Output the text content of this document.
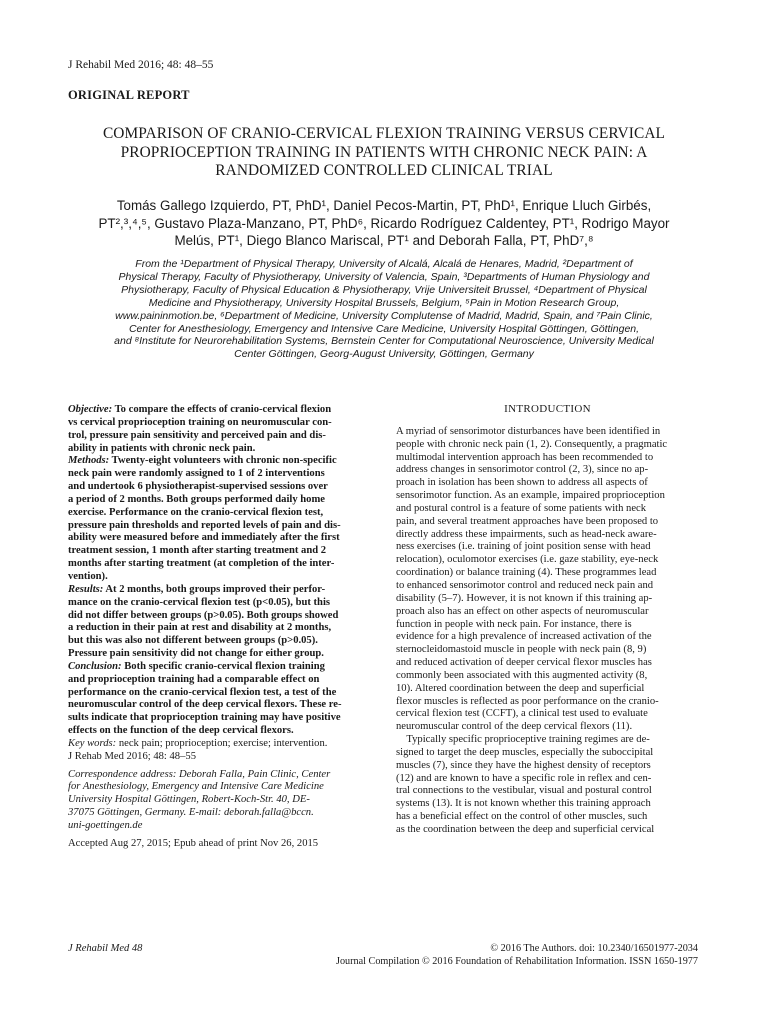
J Rehabil Med 2016; 48: 48–55
ORIGINAL REPORT
COMPARISON OF CRANIO-CERVICAL FLEXION TRAINING VERSUS CERVICAL PROPRIOCEPTION TRAINING IN PATIENTS WITH CHRONIC NECK PAIN: A RANDOMIZED CONTROLLED CLINICAL TRIAL
Tomás Gallego Izquierdo, PT, PhD¹, Daniel Pecos-Martin, PT, PhD¹, Enrique Lluch Girbés,
PT²,³,⁴,⁵, Gustavo Plaza-Manzano, PT, PhD⁶, Ricardo Rodríguez Caldentey, PT¹, Rodrigo Mayor
Melús, PT¹, Diego Blanco Mariscal, PT¹ and Deborah Falla, PT, PhD⁷,⁸
From the ¹Department of Physical Therapy, University of Alcalá, Alcalá de Henares, Madrid, ²Department of
Physical Therapy, Faculty of Physiotherapy, University of Valencia, Spain, ³Departments of Human Physiology and
Physiotherapy, Faculty of Physical Education & Physiotherapy, Vrije Universiteit Brussel, ⁴Department of Physical
Medicine and Physiotherapy, University Hospital Brussels, Belgium, ⁵Pain in Motion Research Group,
www.paininmotion.be, ⁶Department of Medicine, University Complutense of Madrid, Madrid, Spain, and ⁷Pain Clinic,
Center for Anesthesiology, Emergency and Intensive Care Medicine, University Hospital Göttingen, Göttingen,
and ⁸Institute for Neurorehabilitation Systems, Bernstein Center for Computational Neuroscience, University Medical
Center Göttingen, Georg-August University, Göttingen, Germany
Objective: To compare the effects of cranio-cervical flexion
vs cervical proprioception training on neuromuscular con-
trol, pressure pain sensitivity and perceived pain and dis-
ability in patients with chronic neck pain.
Methods: Twenty-eight volunteers with chronic non-specific
neck pain were randomly assigned to 1 of 2 interventions
and undertook 6 physiotherapist-supervised sessions over
a period of 2 months. Both groups performed daily home
exercise. Performance on the cranio-cervical flexion test,
pressure pain thresholds and reported levels of pain and dis-
ability were measured before and immediately after the first
treatment session, 1 month after starting treatment and 2
months after starting treatment (at completion of the inter-
vention).
Results: At 2 months, both groups improved their perfor-
mance on the cranio-cervical flexion test (p<0.05), but this
did not differ between groups (p>0.05). Both groups showed
a reduction in their pain at rest and disability at 2 months,
but this was also not different between groups (p>0.05).
Pressure pain sensitivity did not change for either group.
Conclusion: Both specific cranio-cervical flexion training
and proprioception training had a comparable effect on
performance on the cranio-cervical flexion test, a test of the
neuromuscular control of the deep cervical flexors. These re-
sults indicate that proprioception training may have positive
effects on the function of the deep cervical flexors.
Key words: neck pain; proprioception; exercise; intervention.
J Rehab Med 2016; 48: 48–55
Correspondence address: Deborah Falla, Pain Clinic, Center
for Anesthesiology, Emergency and Intensive Care Medicine
University Hospital Göttingen, Robert-Koch-Str. 40, DE-
37075 Göttingen, Germany. E-mail: deborah.falla@bccn.
uni-goettingen.de
Accepted Aug 27, 2015; Epub ahead of print Nov 26, 2015
INTRODUCTION
A myriad of sensorimotor disturbances have been identified in
people with chronic neck pain (1, 2). Consequently, a pragmatic
multimodal intervention approach has been recommended to
address changes in sensorimotor control (2, 3), since no ap-
proach in isolation has been shown to address all aspects of
sensorimotor function. As an example, impaired proprioception
and postural control is a feature of some patients with neck
pain, and several treatment approaches have been proposed to
directly address these impairments, such as head-neck aware-
ness exercises (i.e. training of joint position sense with head
relocation), oculomotor exercises (i.e. gaze stability, eye-neck
coordination) or balance training (4). These programmes lead
to enhanced sensorimotor control and reduced neck pain and
disability (5–7). However, it is not known if this training ap-
proach also has an effect on other aspects of neuromuscular
function in people with neck pain. For instance, there is
evidence for a high prevalence of increased activation of the
sternocleidomastoid muscle in people with neck pain (8, 9)
and reduced activation of deeper cervical flexor muscles has
commonly been associated with this augmented activity (8,
10). Altered coordination between the deep and superficial
flexor muscles is reflected as poor performance on the cranio-
cervical flexion test (CCFT), a clinical test used to evaluate
neuromuscular control of the deep cervical flexors (11).
Typically specific proprioceptive training regimes are de-
signed to target the deep muscles, especially the suboccipital
muscles (7), since they have the highest density of receptors
(12) and are known to have a specific role in reflex and cen-
tral connections to the vestibular, visual and postural control
systems (13). It is not known whether this training approach
has a beneficial effect on the control of other muscles, such
as the coordination between the deep and superficial cervical
J Rehabil Med 48	© 2016 The Authors. doi: 10.2340/16501977-2034
Journal Compilation © 2016 Foundation of Rehabilitation Information. ISSN 1650-1977
